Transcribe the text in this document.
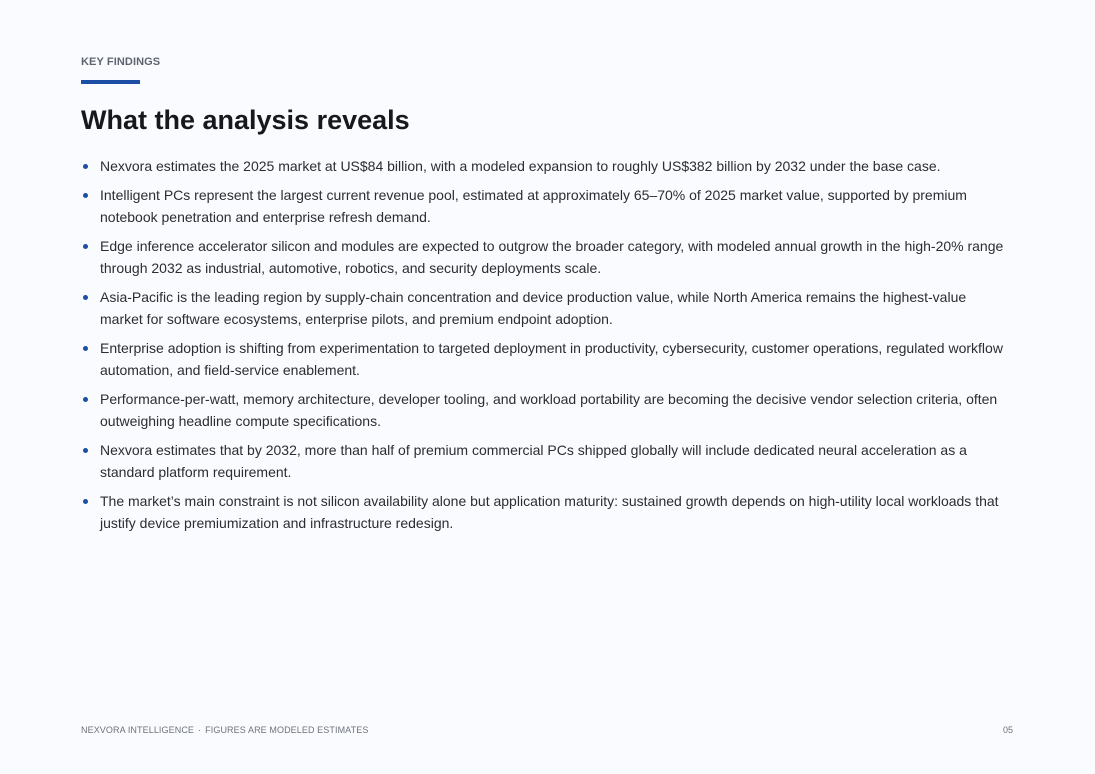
KEY FINDINGS
What the analysis reveals
Nexvora estimates the 2025 market at US$84 billion, with a modeled expansion to roughly US$382 billion by 2032 under the base case.
Intelligent PCs represent the largest current revenue pool, estimated at approximately 65–70% of 2025 market value, supported by premium notebook penetration and enterprise refresh demand.
Edge inference accelerator silicon and modules are expected to outgrow the broader category, with modeled annual growth in the high-20% range through 2032 as industrial, automotive, robotics, and security deployments scale.
Asia-Pacific is the leading region by supply-chain concentration and device production value, while North America remains the highest-value market for software ecosystems, enterprise pilots, and premium endpoint adoption.
Enterprise adoption is shifting from experimentation to targeted deployment in productivity, cybersecurity, customer operations, regulated workflow automation, and field-service enablement.
Performance-per-watt, memory architecture, developer tooling, and workload portability are becoming the decisive vendor selection criteria, often outweighing headline compute specifications.
Nexvora estimates that by 2032, more than half of premium commercial PCs shipped globally will include dedicated neural acceleration as a standard platform requirement.
The market’s main constraint is not silicon availability alone but application maturity: sustained growth depends on high-utility local workloads that justify device premiumization and infrastructure redesign.
NEXVORA INTELLIGENCE · FIGURES ARE MODELED ESTIMATES	05
